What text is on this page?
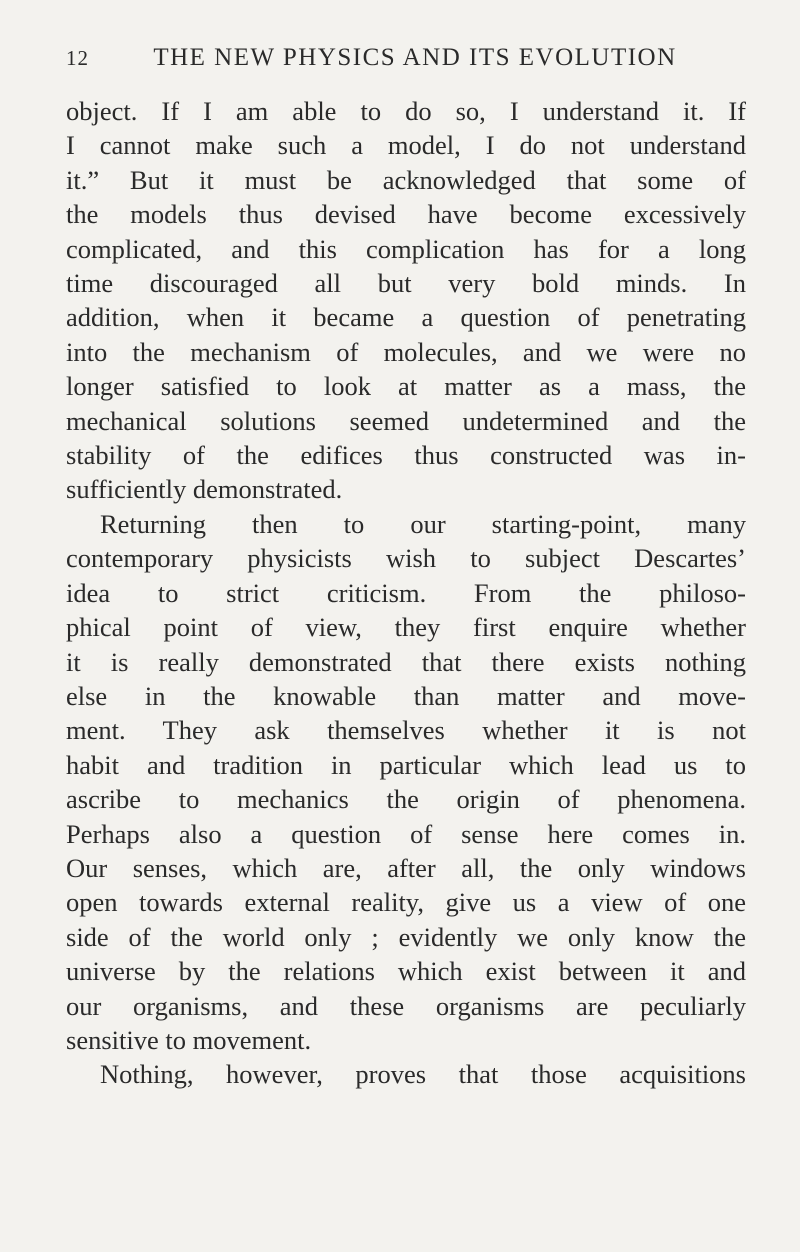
12	THE NEW PHYSICS AND ITS EVOLUTION
object. If I am able to do so, I understand it. If
I cannot make such a model, I do not understand
it.” But it must be acknowledged that some of
the models thus devised have become excessively
complicated, and this complication has for a long
time discouraged all but very bold minds. In
addition, when it became a question of penetrating
into the mechanism of molecules, and we were no
longer satisfied to look at matter as a mass, the
mechanical solutions seemed undetermined and the
stability of the edifices thus constructed was in-
sufficiently demonstrated.
Returning then to our starting-point, many
contemporary physicists wish to subject Descartes’
idea to strict criticism. From the philoso-
phical point of view, they first enquire whether
it is really demonstrated that there exists nothing
else in the knowable than matter and move-
ment. They ask themselves whether it is not
habit and tradition in particular which lead us to
ascribe to mechanics the origin of phenomena.
Perhaps also a question of sense here comes in.
Our senses, which are, after all, the only windows
open towards external reality, give us a view of one
side of the world only ; evidently we only know the
universe by the relations which exist between it and
our organisms, and these organisms are peculiarly
sensitive to movement.
Nothing, however, proves that those acquisitions
